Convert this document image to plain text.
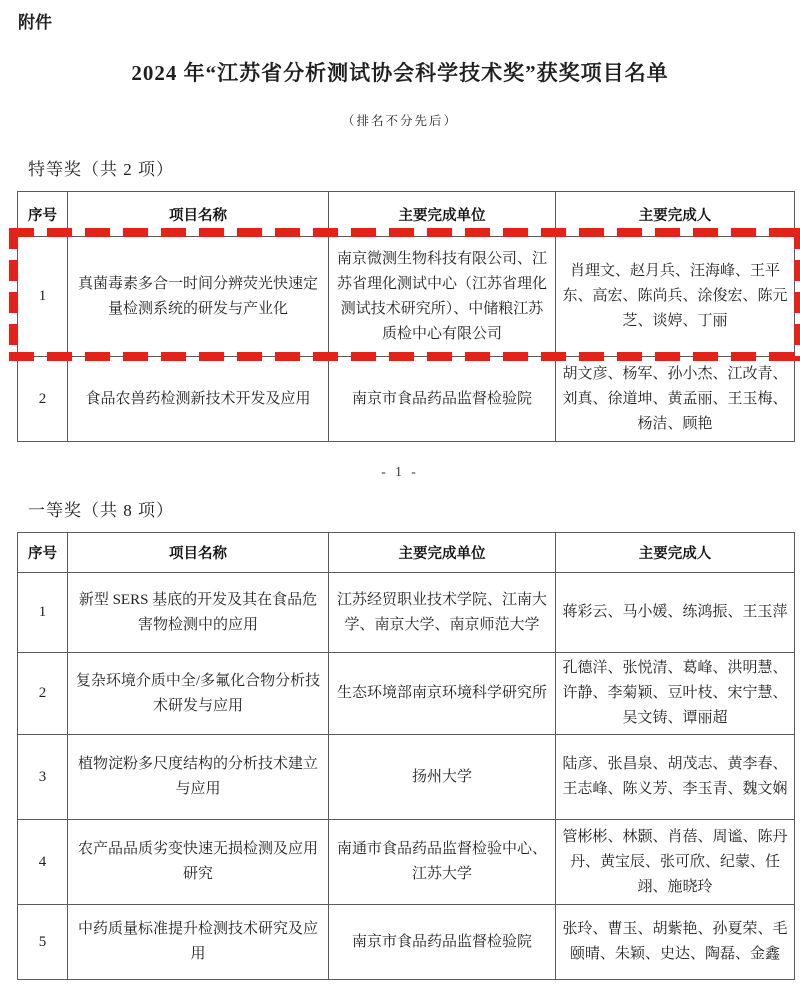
附件
2024 年“江苏省分析测试协会科学技术奖”获奖项目名单
（排名不分先后）
特等奖（共 2 项）
序号	项目名称	主要完成单位	主要完成人
1	真菌毒素多合一时间分辨荧光快速定量检测系统的研发与产业化	南京微测生物科技有限公司、江苏省理化测试中心（江苏省理化测试技术研究所）、中储粮江苏质检中心有限公司	肖理文、赵月兵、汪海峰、王平东、高宏、陈尚兵、涂俊宏、陈元芝、谈婷、丁丽
2	食品农兽药检测新技术开发及应用	南京市食品药品监督检验院	胡文彦、杨军、孙小杰、江改青、刘真、徐道坤、黄孟丽、王玉梅、杨洁、顾艳
- 1 -
一等奖（共 8 项）
序号	项目名称	主要完成单位	主要完成人
1	新型 SERS 基底的开发及其在食品危害物检测中的应用	江苏经贸职业技术学院、江南大学、南京大学、南京师范大学	蒋彩云、马小媛、练鸿振、王玉萍
2	复杂环境介质中全/多氟化合物分析技术研发与应用	生态环境部南京环境科学研究所	孔德洋、张悦清、葛峰、洪明慧、许静、李菊颖、豆叶枝、宋宁慧、吴文铸、谭丽超
3	植物淀粉多尺度结构的分析技术建立与应用	扬州大学	陆彦、张昌泉、胡茂志、黄李春、王志峰、陈义芳、李玉青、魏文娴
4	农产品品质劣变快速无损检测及应用研究	南通市食品药品监督检验中心、江苏大学	管彬彬、林颢、肖蓓、周谧、陈丹丹、黄宝辰、张可欣、纪蒙、任翊、施晓玲
5	中药质量标准提升检测技术研究及应用	南京市食品药品监督检验院	张玲、曹玉、胡紫艳、孙夏荣、毛颐晴、朱颖、史达、陶磊、金鑫
